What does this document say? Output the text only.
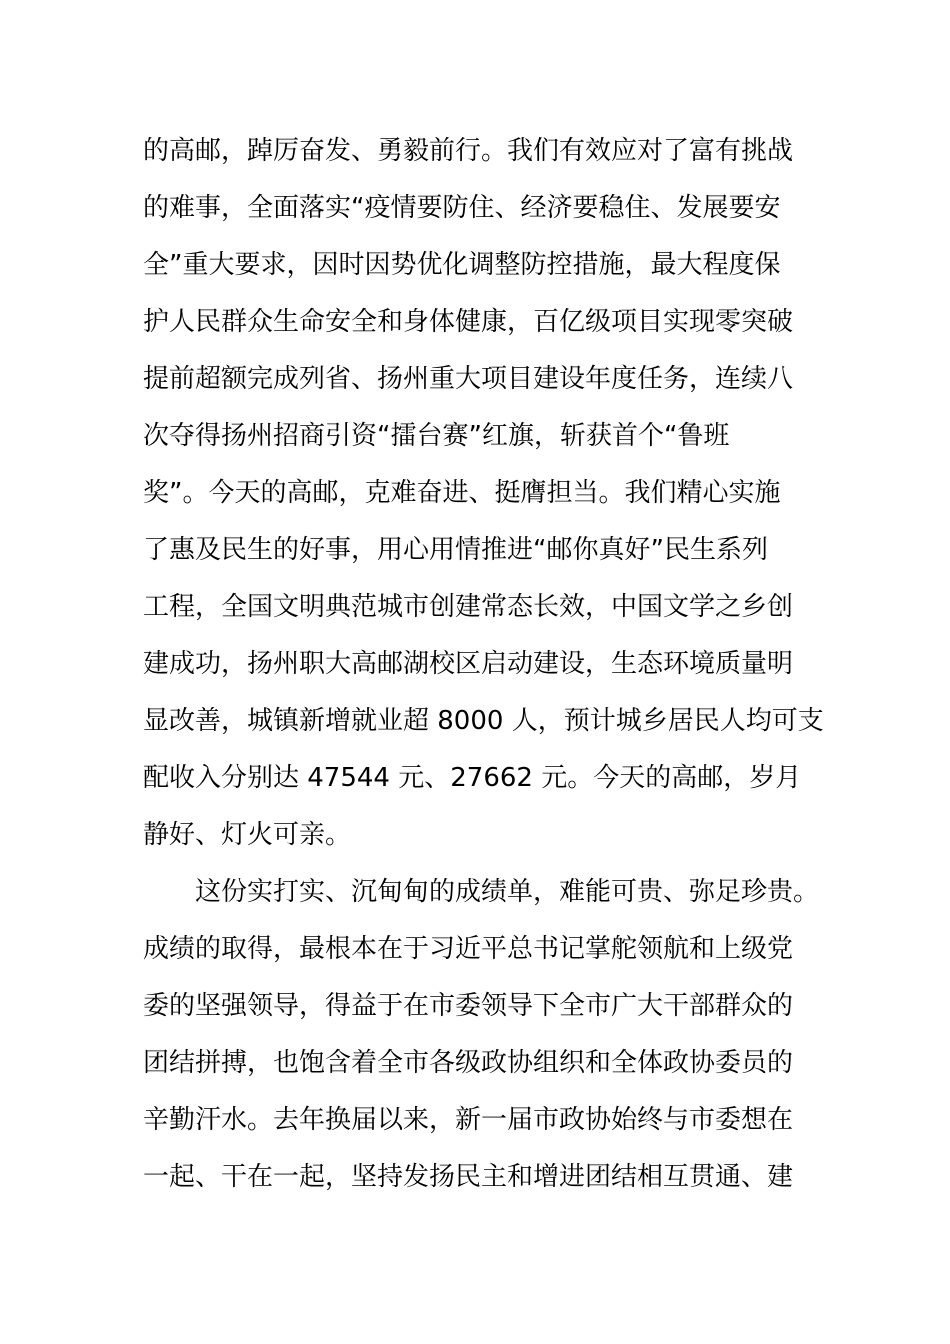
的高邮，踔厉奋发、勇毅前行。我们有效应对了富有挑战
的难事，全面落实“疫情要防住、经济要稳住、发展要安
全”重大要求，因时因势优化调整防控措施，最大程度保
护人民群众生命安全和身体健康，百亿级项目实现零突破
提前超额完成列省、扬州重大项目建设年度任务，连续八
次夺得扬州招商引资“擂台赛”红旗，斩获首个“鲁班
奖”。今天的高邮，克难奋进、挺膺担当。我们精心实施
了惠及民生的好事，用心用情推进“邮你真好”民生系列
工程，全国文明典范城市创建常态长效，中国文学之乡创
建成功，扬州职大高邮湖校区启动建设，生态环境质量明
显改善，城镇新增就业超 8000 人，预计城乡居民人均可支
配收入分别达 47544 元、27662 元。今天的高邮，岁月
静好、灯火可亲。
这份实打实、沉甸甸的成绩单，难能可贵、弥足珍贵。
成绩的取得，最根本在于习近平总书记掌舵领航和上级党
委的坚强领导，得益于在市委领导下全市广大干部群众的
团结拼搏，也饱含着全市各级政协组织和全体政协委员的
辛勤汗水。去年换届以来，新一届市政协始终与市委想在
一起、干在一起，坚持发扬民主和增进团结相互贯通、建
